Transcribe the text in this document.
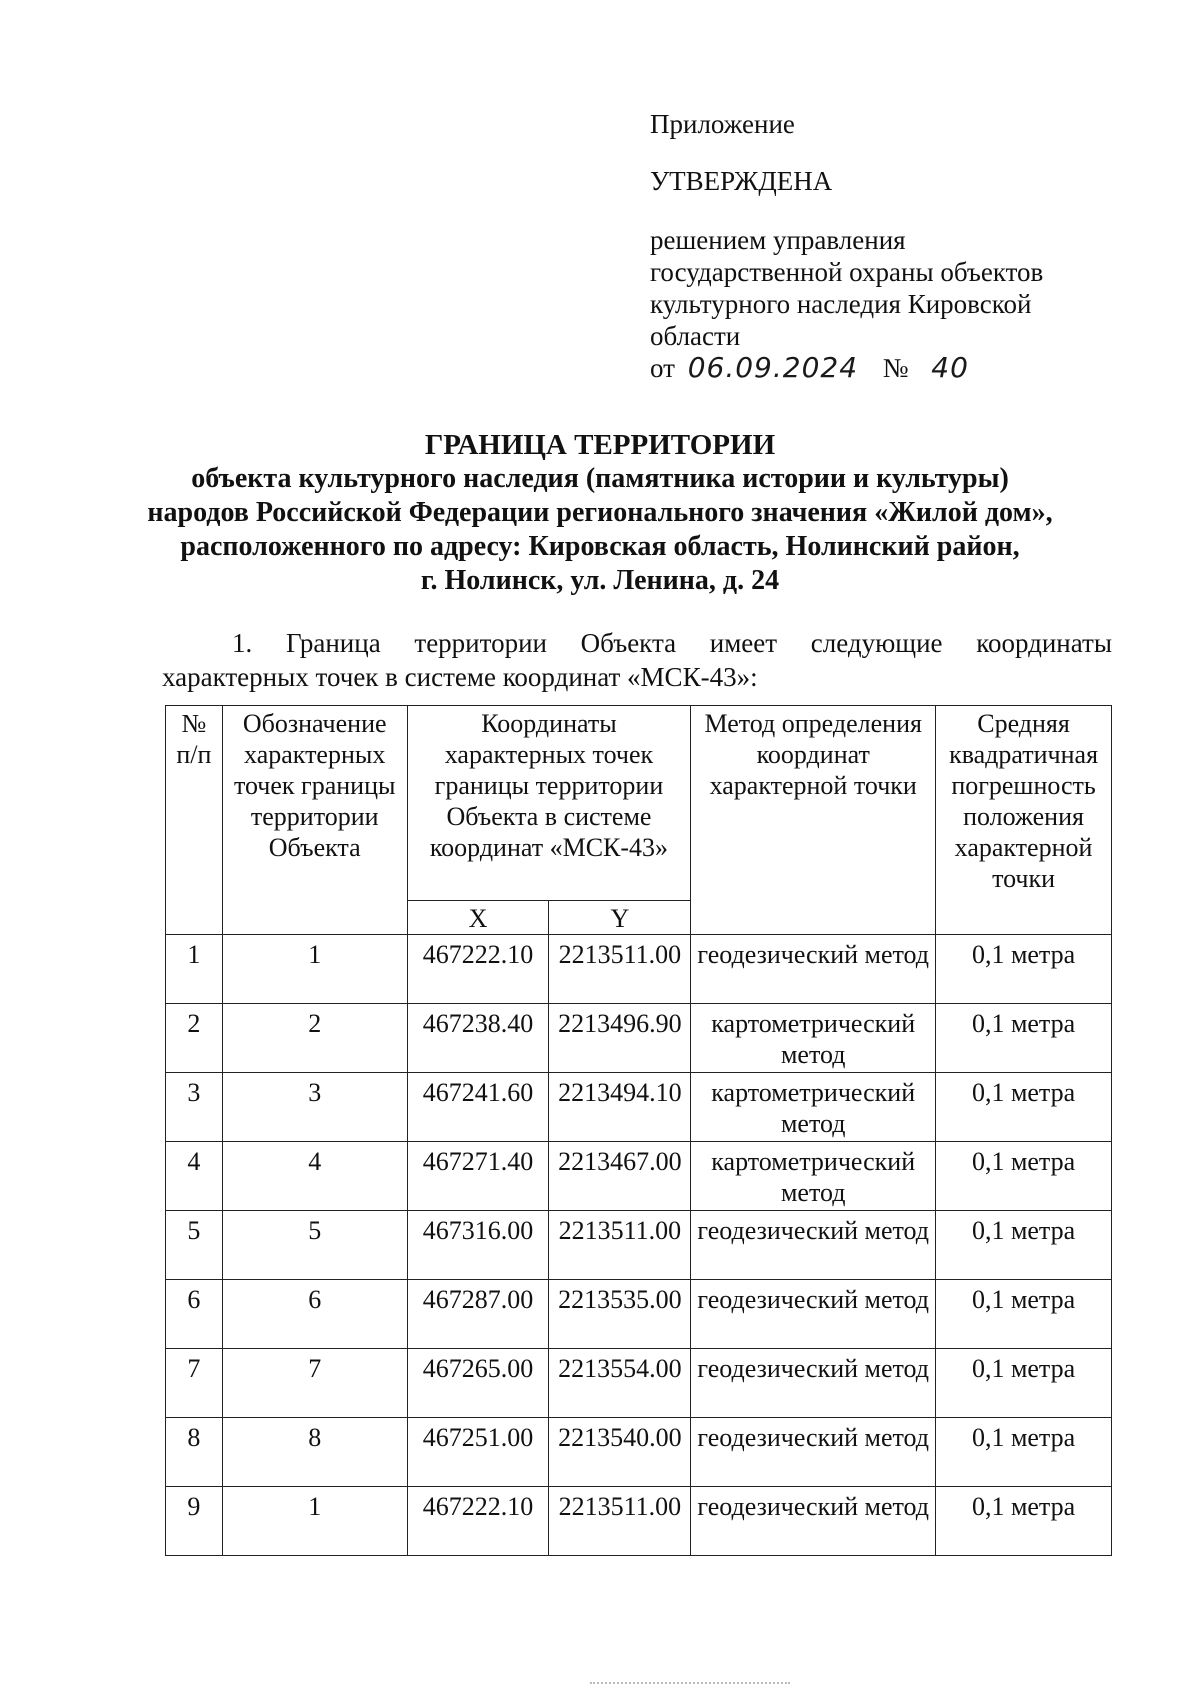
Приложение

УТВЕРЖДЕНА

решением управления

государственной охраны объектов

культурного наследия Кировской

области

от 06.09.2024 № 40

ГРАНИЦА ТЕРРИТОРИИ
объекта культурного наследия (памятника истории и культуры)
народов Российской Федерации регионального значения «Жилой дом»,
расположенного по адресу: Кировская область, Нолинский район,
г. Нолинск, ул. Ленина, д. 24
1. Граница территории Объекта имеет следующие координаты
характерных точек в системе координат «МСК-43»:
№ п/п	Обозначение характерных точек границы территории Объекта	Координаты характерных точек границы территории Объекта в системе координат «МСК-43»		Метод определения координат характерной точки	Средняя квадратичная погрешность положения характерной точки
		X	Y		
1	1	467222.10	2213511.00	геодезический метод	0,1 метра
2	2	467238.40	2213496.90	картометрический метод	0,1 метра
3	3	467241.60	2213494.10	картометрический метод	0,1 метра
4	4	467271.40	2213467.00	картометрический метод	0,1 метра
5	5	467316.00	2213511.00	геодезический метод	0,1 метра
6	6	467287.00	2213535.00	геодезический метод	0,1 метра
7	7	467265.00	2213554.00	геодезический метод	0,1 метра
8	8	467251.00	2213540.00	геодезический метод	0,1 метра
9	1	467222.10	2213511.00	геодезический метод	0,1 метра
